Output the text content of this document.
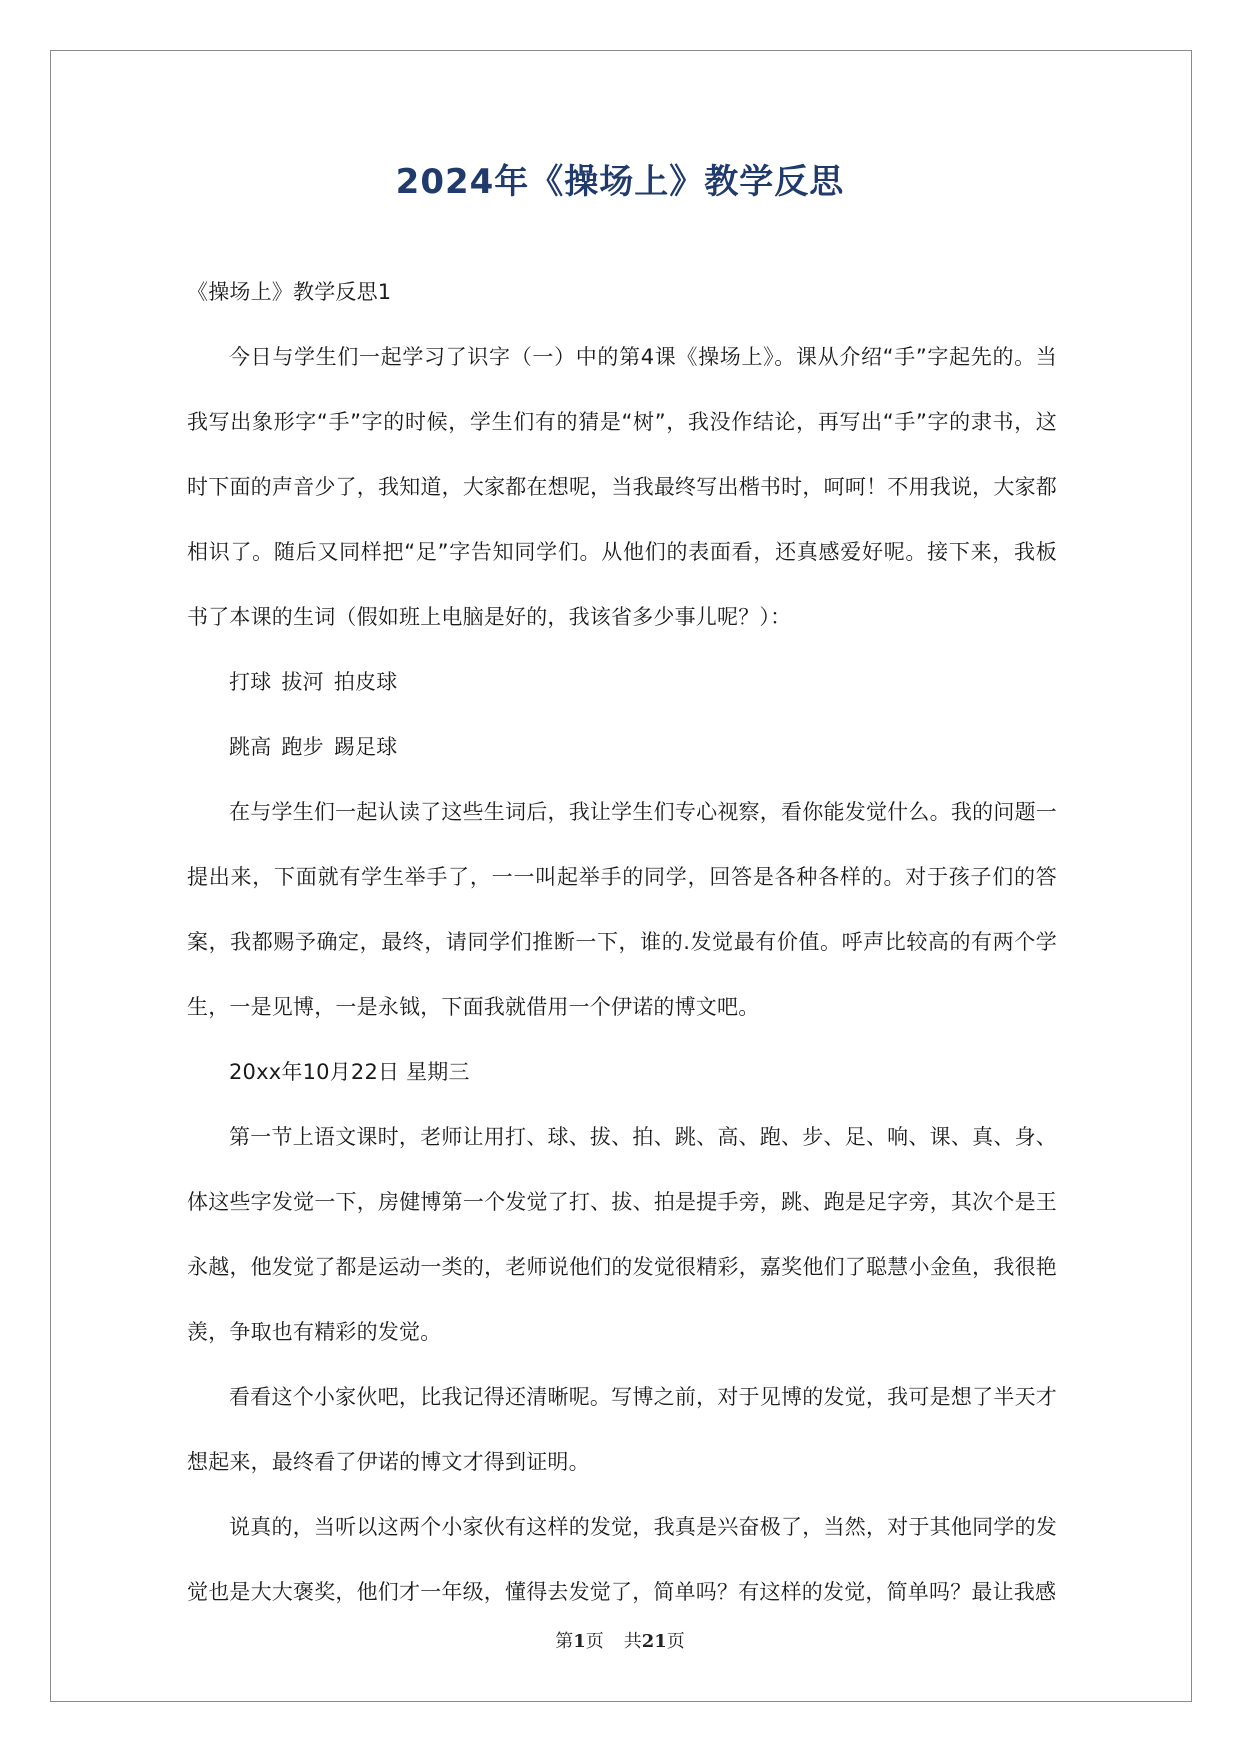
2024年《操场上》教学反思

《操场上》教学反思1

今日与学生们一起学习了识字（一）中的第4课《操场上》。课从介绍“手”字起先的。当我写出象形字“手”字的时候，学生们有的猜是“树”，我没作结论，再写出“手”字的隶书，这时下面的声音少了，我知道，大家都在想呢，当我最终写出楷书时，呵呵！不用我说，大家都相识了。随后又同样把“足”字告知同学们。从他们的表面看，还真感爱好呢。接下来，我板书了本课的生词（假如班上电脑是好的，我该省多少事儿呢？）：

打球 拔河 拍皮球

跳高 跑步 踢足球

在与学生们一起认读了这些生词后，我让学生们专心视察，看你能发觉什么。我的问题一提出来，下面就有学生举手了，一一叫起举手的同学，回答是各种各样的。对于孩子们的答案，我都赐予确定，最终，请同学们推断一下，谁的.发觉最有价值。呼声比较高的有两个学生，一是见博，一是永钺，下面我就借用一个伊诺的博文吧。

20xx年10月22日 星期三

第一节上语文课时，老师让用打、球、拔、拍、跳、高、跑、步、足、响、课、真、身、体这些字发觉一下，房健博第一个发觉了打、拔、拍是提手旁，跳、跑是足字旁，其次个是王永越，他发觉了都是运动一类的，老师说他们的发觉很精彩，嘉奖他们了聪慧小金鱼，我很艳羡，争取也有精彩的发觉。

看看这个小家伙吧，比我记得还清晰呢。写博之前，对于见博的发觉，我可是想了半天才想起来，最终看了伊诺的博文才得到证明。

说真的，当听以这两个小家伙有这样的发觉，我真是兴奋极了，当然，对于其他同学的发觉也是大大褒奖，他们才一年级，懂得去发觉了，简单吗？有这样的发觉，简单吗？最让我感

第1页 共21页
